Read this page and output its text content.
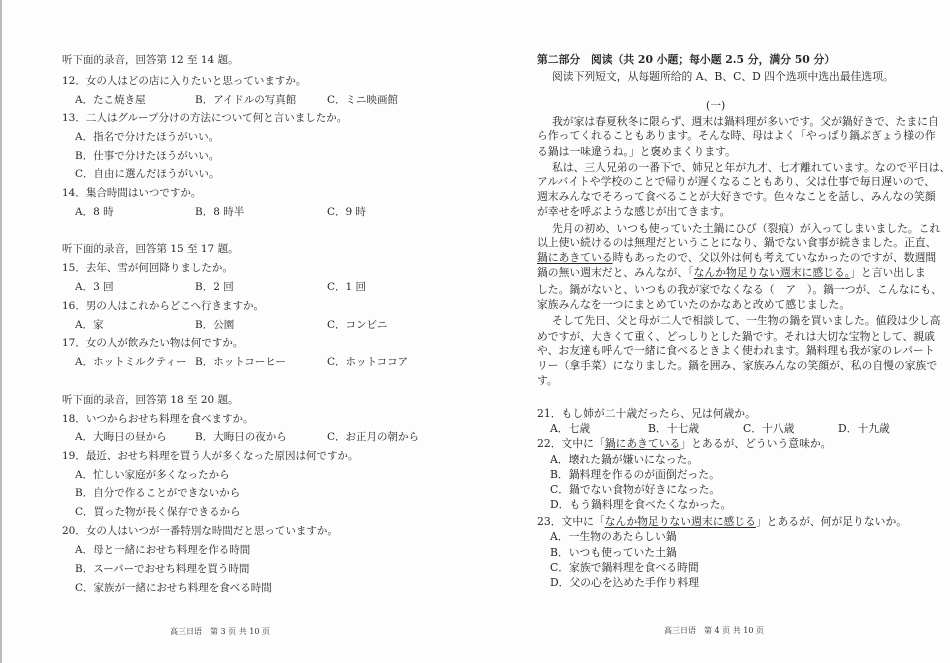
听下面的录音，回答第 12 至 14 题。
12．女の人はどの店に入りたいと思っていますか。
A．たこ焼き屋	B．アイドルの写真館	C．ミニ映画館
13．二人はグループ分けの方法について何と言いましたか。
A．指名で分けたほうがいい。
B．仕事で分けたほうがいい。
C．自由に選んだほうがいい。
14．集合時間はいつですか。
A．8 時	B．8 時半	C．9 時
听下面的录音，回答第 15 至 17 题。
15．去年、雪が何回降りましたか。
A．3 回	B．2 回	C．1 回
16．男の人はこれからどこへ行きますか。
A．家	B．公園	C．コンビニ
17．女の人が飲みたい物は何ですか。
A．ホットミルクティー B．ホットコーヒー	C．ホットココア
听下面的录音，回答第 18 至 20 题。
18．いつからおせち料理を食べますか。
A．大晦日の昼から	B．大晦日の夜から	C．お正月の朝から
19．最近、おせち料理を買う人が多くなった原因は何ですか。
A．忙しい家庭が多くなったから
B．自分で作ることができないから
C．買った物が長く保存できるから
20．女の人はいつが一番特別な時間だと思っていますか。
A．母と一緒におせち料理を作る時間
B．スーパーでおせち料理を買う時間
C．家族が一緒におせち料理を食べる時間
高三日语　第 3 页 共 10 页
第二部分　阅读（共 20 小题；每小题 2.5 分，满分 50 分）
阅读下列短文，从每题所给的 A、B、C、D 四个选项中选出最佳选项。
(一)
我が家は春夏秋冬に限らず、週末は鍋料理が多いです。父が鍋好きで、たまに自
ら作ってくれることもあります。そんな時、母はよく「やっぱり鍋ぶぎょう様の作
る鍋は一味違うね。」と褒めまくります。
私は、三人兄弟の一番下で、姉兄と年が九才、七才離れています。なので平日は、
アルバイトや学校のことで帰りが遅くなることもあり、父は仕事で毎日遅いので、
週末みんなでそろって食べることが大好きです。色々なことを話し、みんなの笑顔
が幸せを呼ぶような感じが出てきます。
先月の初め、いつも使っていた土鍋にひび（裂痕）が入ってしまいました。これ
以上使い続けるのは無理だということになり、鍋でない食事が続きました。正直、
鍋にあきている時もあったので、父以外は何も考えていなかったのですが、数週間
鍋の無い週末だと、みんなが、「なんか物足りない週末に感じる。」と言い出しま
した。鍋がないと、いつもの我が家でなくなる（　ア　）。鍋一つが、こんなにも、
家族みんなを一つにまとめていたのかなあと改めて感じました。
そして先日、父と母が二人で相談して、一生物の鍋を買いました。値段は少し高
めですが、大きくて重く、どっしりとした鍋です。それは大切な宝物として、親戚
や、お友達も呼んで一緒に食べるときよく使われます。鍋料理も我が家のレパート
リー（拿手菜）になりました。鍋を囲み、家族みんなの笑顔が、私の自慢の家族で
す。
21．もし姉が二十歳だったら、兄は何歳か。
A．七歳	B．十七歳	C．十八歳	D．十九歳
22．文中に「鍋にあきている」とあるが、どういう意味か。
A．壊れた鍋が嫌いになった。
B．鍋料理を作るのが面倒だった。
C．鍋でない食物が好きになった。
D．もう鍋料理を食べたくなかった。
23．文中に「なんか物足りない週末に感じる」とあるが、何が足りないか。
A．一生物のあたらしい鍋
B．いつも使っていた土鍋
C．家族で鍋料理を食べる時間
D．父の心を込めた手作り料理
高三日语　第 4 页 共 10 页
